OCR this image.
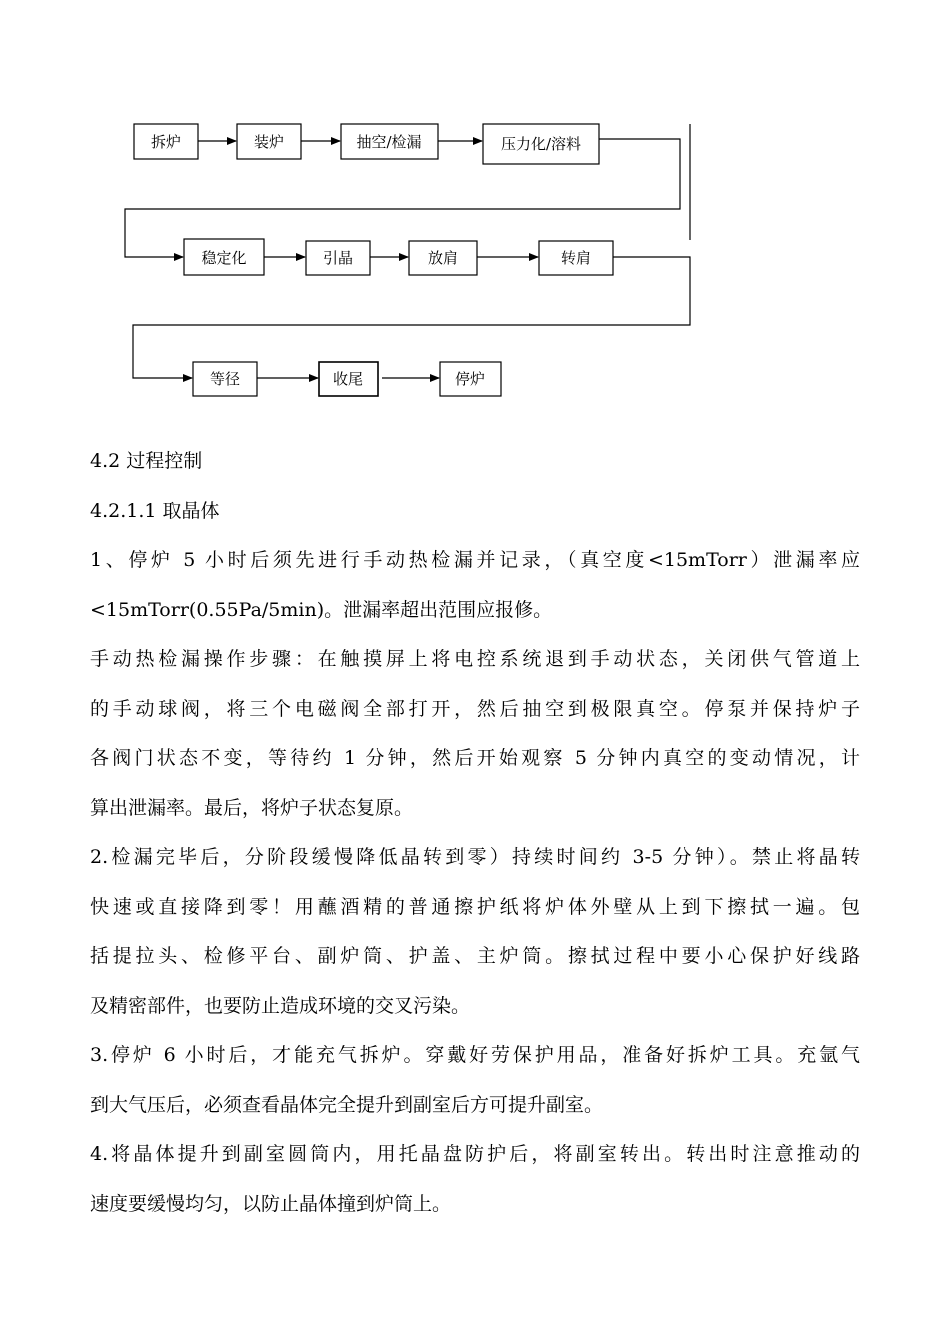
拆炉	装炉	抽空/检漏	压力化/溶料
稳定化	引晶	放肩	转肩
等径	收尾	停炉
4.2 过程控制
4.2.1.1 取晶体
1、停炉 5 小时后须先进行手动热检漏并记录，（真空度<15mTorr）泄漏率应
<15mTorr(0.55Pa/5min)。泄漏率超出范围应报修。
手动热检漏操作步骤：在触摸屏上将电控系统退到手动状态，关闭供气管道上
的手动球阀，将三个电磁阀全部打开，然后抽空到极限真空。停泵并保持炉子
各阀门状态不变，等待约 1 分钟，然后开始观察 5 分钟内真空的变动情况，计
算出泄漏率。最后，将炉子状态复原。
2.检漏完毕后，分阶段缓慢降低晶转到零）持续时间约 3-5 分钟）。禁止将晶转
快速或直接降到零！用蘸酒精的普通擦护纸将炉体外壁从上到下擦拭一遍。包
括提拉头、检修平台、副炉筒、护盖、主炉筒。擦拭过程中要小心保护好线路
及精密部件，也要防止造成环境的交叉污染。
3.停炉 6 小时后，才能充气拆炉。穿戴好劳保护用品，准备好拆炉工具。充氩气
到大气压后，必须查看晶体完全提升到副室后方可提升副室。
4.将晶体提升到副室圆筒内，用托晶盘防护后，将副室转出。转出时注意推动的
速度要缓慢均匀，以防止晶体撞到炉筒上。
